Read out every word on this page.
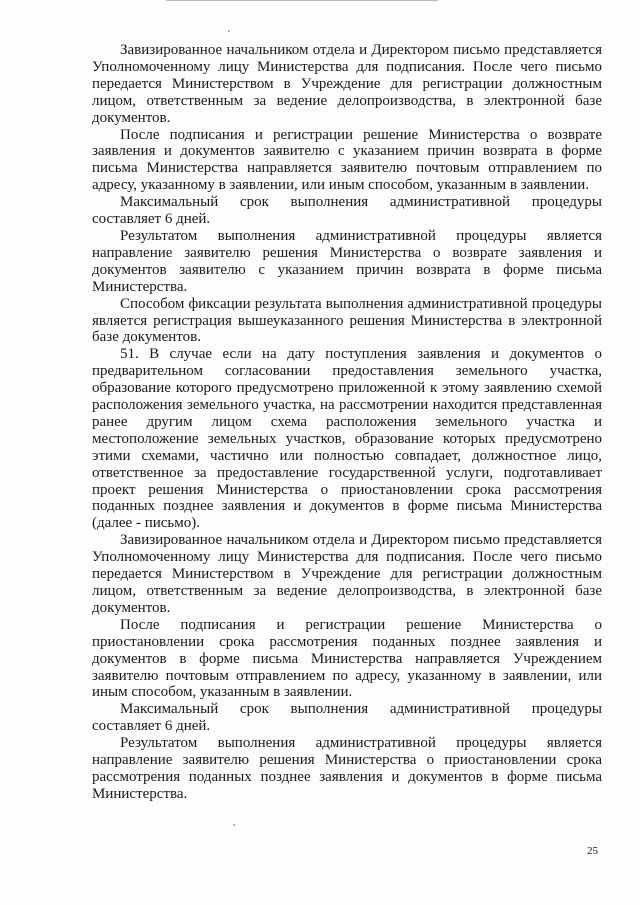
Завизированное начальником отдела и Директором письмо представляется Уполномоченному лицу Министерства для подписания. После чего письмо передается Министерством в Учреждение для регистрации должностным лицом, ответственным за ведение делопроизводства, в электронной базе документов.

После подписания и регистрации решение Министерства о возврате заявления и документов заявителю с указанием причин возврата в форме письма Министерства направляется заявителю почтовым отправлением по адресу, указанному в заявлении, или иным способом, указанным в заявлении.

Максимальный срок выполнения административной процедуры составляет 6 дней.

Результатом выполнения административной процедуры является направление заявителю решения Министерства о возврате заявления и документов заявителю с указанием причин возврата в форме письма Министерства.

Способом фиксации результата выполнения административной процедуры является регистрация вышеуказанного решения Министерства в электронной базе документов.

51. В случае если на дату поступления заявления и документов о предварительном согласовании предоставления земельного участка, образование которого предусмотрено приложенной к этому заявлению схемой расположения земельного участка, на рассмотрении находится представленная ранее другим лицом схема расположения земельного участка и местоположение земельных участков, образование которых предусмотрено этими схемами, частично или полностью совпадает, должностное лицо, ответственное за предоставление государственной услуги, подготавливает проект решения Министерства о приостановлении срока рассмотрения поданных позднее заявления и документов в форме письма Министерства (далее - письмо).

Завизированное начальником отдела и Директором письмо представляется Уполномоченному лицу Министерства для подписания. После чего письмо передается Министерством в Учреждение для регистрации должностным лицом, ответственным за ведение делопроизводства, в электронной базе документов.

После подписания и регистрации решение Министерства о приостановлении срока рассмотрения поданных позднее заявления и документов в форме письма Министерства направляется Учреждением заявителю почтовым отправлением по адресу, указанному в заявлении, или иным способом, указанным в заявлении.

Максимальный срок выполнения административной процедуры составляет 6 дней.

Результатом выполнения административной процедуры является направление заявителю решения Министерства о приостановлении срока рассмотрения поданных позднее заявления и документов в форме письма Министерства.

25
